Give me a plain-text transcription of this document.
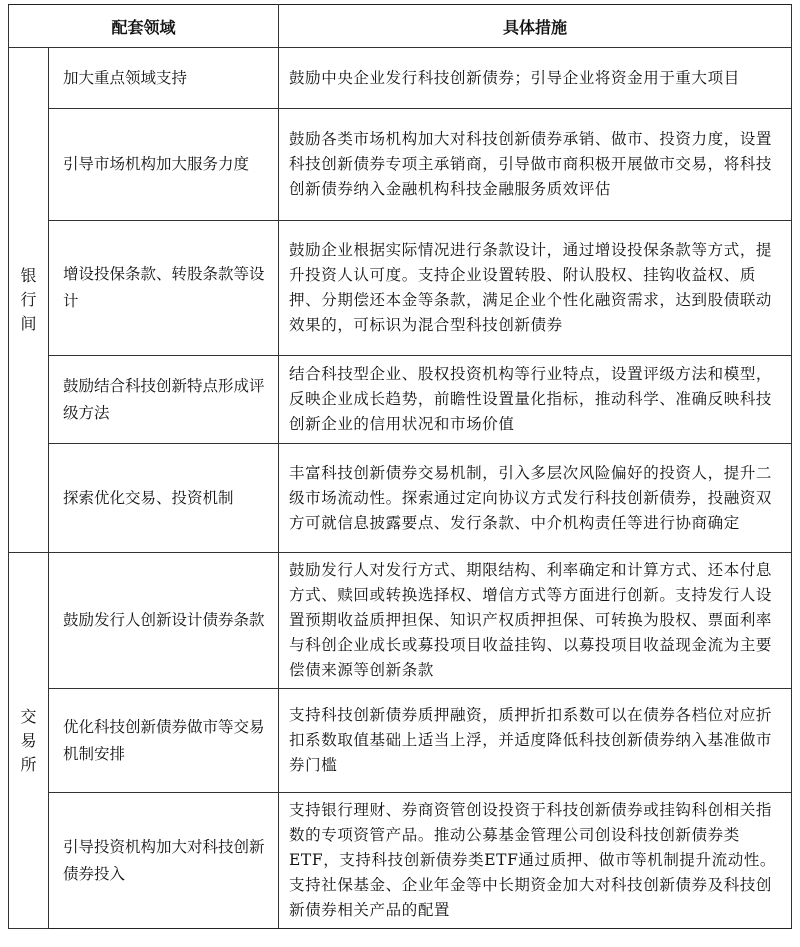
配套领域		具体措施

银
行
间	加大重点领域支持	鼓励中央企业发行科技创新债券；引导企业将资金用于重大项目
	引导市场机构加大服务力度	鼓励各类市场机构加大对科技创新债券承销、做市、投资力度，设置科技创新债券专项主承销商，引导做市商积极开展做市交易，将科技创新债券纳入金融机构科技金融服务质效评估
	增设投保条款、转股条款等设计	鼓励企业根据实际情况进行条款设计，通过增设投保条款等方式，提升投资人认可度。支持企业设置转股、附认股权、挂钩收益权、质押、分期偿还本金等条款，满足企业个性化融资需求，达到股债联动效果的，可标识为混合型科技创新债券
	鼓励结合科技创新特点形成评级方法	结合科技型企业、股权投资机构等行业特点，设置评级方法和模型，反映企业成长趋势，前瞻性设置量化指标，推动科学、准确反映科技创新企业的信用状况和市场价值
	探索优化交易、投资机制	丰富科技创新债券交易机制，引入多层次风险偏好的投资人，提升二级市场流动性。探索通过定向协议方式发行科技创新债券，投融资双方可就信息披露要点、发行条款、中介机构责任等进行协商确定

交
易
所	鼓励发行人创新设计债券条款	鼓励发行人对发行方式、期限结构、利率确定和计算方式、还本付息方式、赎回或转换选择权、增信方式等方面进行创新。支持发行人设置预期收益质押担保、知识产权质押担保、可转换为股权、票面利率与科创企业成长或募投项目收益挂钩、以募投项目收益现金流为主要偿债来源等创新条款
	优化科技创新债券做市等交易机制安排	支持科技创新债券质押融资，质押折扣系数可以在债券各档位对应折扣系数取值基础上适当上浮，并适度降低科技创新债券纳入基准做市券门槛
	引导投资机构加大对科技创新债券投入	支持银行理财、券商资管创设投资于科技创新债券或挂钩科创相关指数的专项资管产品。推动公募基金管理公司创设科技创新债券类ETF，支持科技创新债券类ETF通过质押、做市等机制提升流动性。支持社保基金、企业年金等中长期资金加大对科技创新债券及科技创新债券相关产品的配置
